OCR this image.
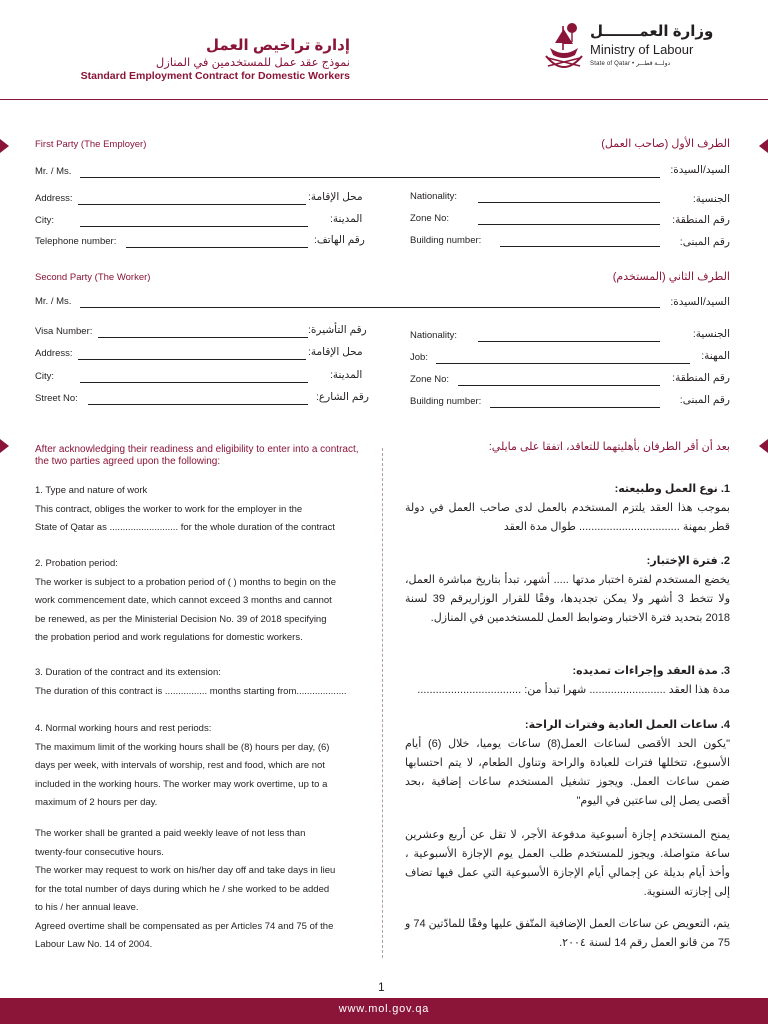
وزارة العمـــــــل
Ministry of Labour
State of Qatar • دولـــة قطـــر
إدارة تراخيص العمل
نموذج عقد عمل للمستخدمين في المنازل
Standard Employment Contract for Domestic Workers
First Party (The Employer)	الطرف الأول (صاحب العمل)
Mr. / Ms.	السيد/السيدة:
Address:	محل الإقامة:
City:	المدينة:
Telephone number:	رقم الهاتف:
Nationality:	الجنسية:
Zone No:	رقم المنطقة:
Building number:	رقم المبنى:
Second Party (The Worker)	الطرف الثاني (المستخدم)
Mr. / Ms.	السيد/السيدة:
Visa Number:	رقم التأشيرة:
Address:	محل الإقامة:
City:	المدينة:
Street No:	رقم الشارع:
Nationality:	الجنسية:
Job:	المهنة:
Zone No:	رقم المنطقة:
Building number:	رقم المبنى:
After acknowledging their readiness and eligibility to enter into a contract, the two parties agreed upon the following:
بعد أن أقر الطرفان بأهليتهما للتعاقد، اتفقا على مايلي:
1. Type and nature of work
This contract, obliges the worker to work for the employer in the
State of Qatar as .......................... for the whole duration of the contract
2. Probation period:
The worker is subject to a probation period of ( ) months to begin on the
work commencement date, which cannot exceed 3 months and cannot
be renewed, as per the Ministerial Decision No. 39 of 2018 specifying
the probation period and work regulations for domestic workers.
3. Duration of the contract and its extension:
The duration of this contract is ................ months starting from...................
4. Normal working hours and rest periods:
The maximum limit of the working hours shall be (8) hours per day, (6)
days per week, with intervals of worship, rest and food, which are not
included in the working hours. The worker may work overtime, up to a
maximum of 2 hours per day.
The worker shall be granted a paid weekly leave of not less than
twenty-four consecutive hours.
The worker may request to work on his/her day off and take days in lieu
for the total number of days during which he / she worked to be added
to his / her annual leave.
Agreed overtime shall be compensated as per Articles 74 and 75 of the
Labour Law No. 14 of 2004.
1. نوع العمل وطبيعته:
بموجب هذا العقد يلتزم المستخدم بالعمل لدى صاحب العمل في دولة قطر بمهنة ................................. طوال مدة العقد
2. فترة الإختبار:
يخضع المستخدم لفترة اختبار مدتها ..... أشهر، تبدأ بتاريخ مباشرة العمل، ولا تتخط 3 أشهر ولا يمكن تجديدها، وفقًا للقرار الوزاريرقم 39 لسنة 2018 بتحديد فترة الاختبار وضوابط العمل للمستخدمين في المنازل.
3. مدة العقد وإجراءات تمديده:
مدة هذا العقد ......................... شهرا تبدأ من: ..................................
4. ساعات العمل العادية وفترات الراحة:
"يكون الحد الأقصى لساعات العمل(8) ساعات يوميا، خلال (6) أيام الأسبوع، تتخللها فترات للعبادة والراحة وتناول الطعام، لا يتم احتسابها ضمن ساعات العمل. ويجوز تشغيل المستخدم ساعات إضافية ،بحد أقصى يصل إلى ساعتين في اليوم"
يمنح المستخدم إجازة أسبوعية مدفوعة الأجر، لا تقل عن أربع وعشرين ساعة متواصلة. ويجوز للمستخدم طلب العمل يوم الإجازة الأسبوعية ، وأخذ أيام بديلة عن إجمالي أيام الإجازة الأسبوعية التي عمل فيها تضاف إلى إجازته السنوية.
يتم، التعويض عن ساعات العمل الإضافية المتّفق عليها وفقًا للمادّتين 74 و 75 من قانو العمل رقم 14 لسنة ٢٠٠٤.
1
www.mol.gov.qa
